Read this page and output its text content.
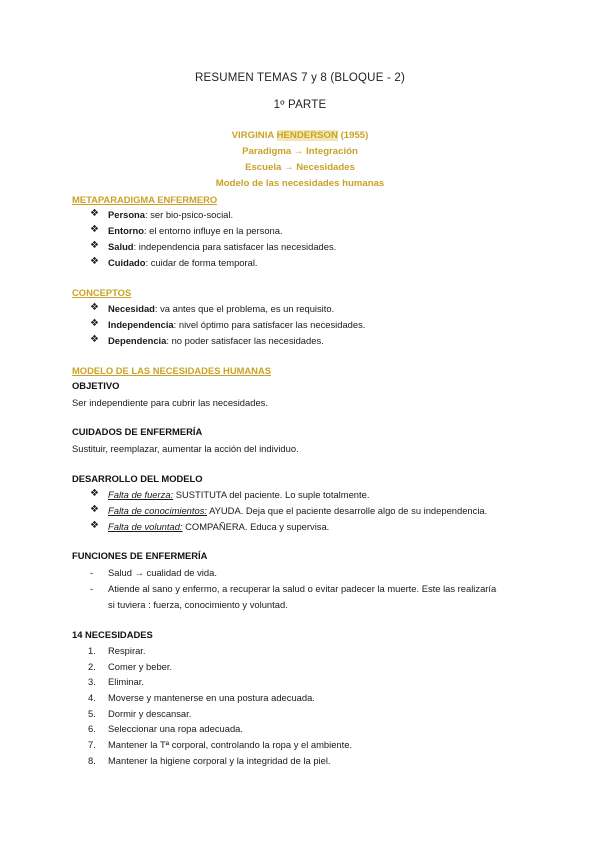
RESUMEN TEMAS 7 y 8 (BLOQUE - 2)
1º PARTE
VIRGINIA HENDERSON (1955)
Paradigma → Integración
Escuela → Necesidades
Modelo de las necesidades humanas
METAPARADIGMA ENFERMERO
❖ Persona: ser bio-psico-social.
❖ Entorno: el entorno influye en la persona.
❖ Salud: independencia para satisfacer las necesidades.
❖ Cuidado: cuidar de forma temporal.
CONCEPTOS
❖ Necesidad: va antes que el problema, es un requisito.
❖ Independencia: nivel óptimo para satisfacer las necesidades.
❖ Dependencia: no poder satisfacer las necesidades.
MODELO DE LAS NECESIDADES HUMANAS
OBJETIVO
Ser independiente para cubrir las necesidades.
CUIDADOS DE ENFERMERÍA
Sustituir, reemplazar, aumentar la acción del individuo.
DESARROLLO DEL MODELO
❖ Falta de fuerza: SUSTITUTA del paciente. Lo suple totalmente.
❖ Falta de conocimientos: AYUDA. Deja que el paciente desarrolle algo de su independencia.
❖ Falta de voluntad: COMPAÑERA. Educa y supervisa.
FUNCIONES DE ENFERMERÍA
- Salud → cualidad de vida.
- Atiende al sano y enfermo, a recuperar la salud o evitar padecer la muerte. Este las realizaría
si tuviera : fuerza, conocimiento y voluntad.
14 NECESIDADES
1. Respirar.
2. Comer y beber.
3. Eliminar.
4. Moverse y mantenerse en una postura adecuada.
5. Dormir y descansar.
6. Seleccionar una ropa adecuada.
7. Mantener la Tª corporal, controlando la ropa y el ambiente.
8. Mantener la higiene corporal y la integridad de la piel.
